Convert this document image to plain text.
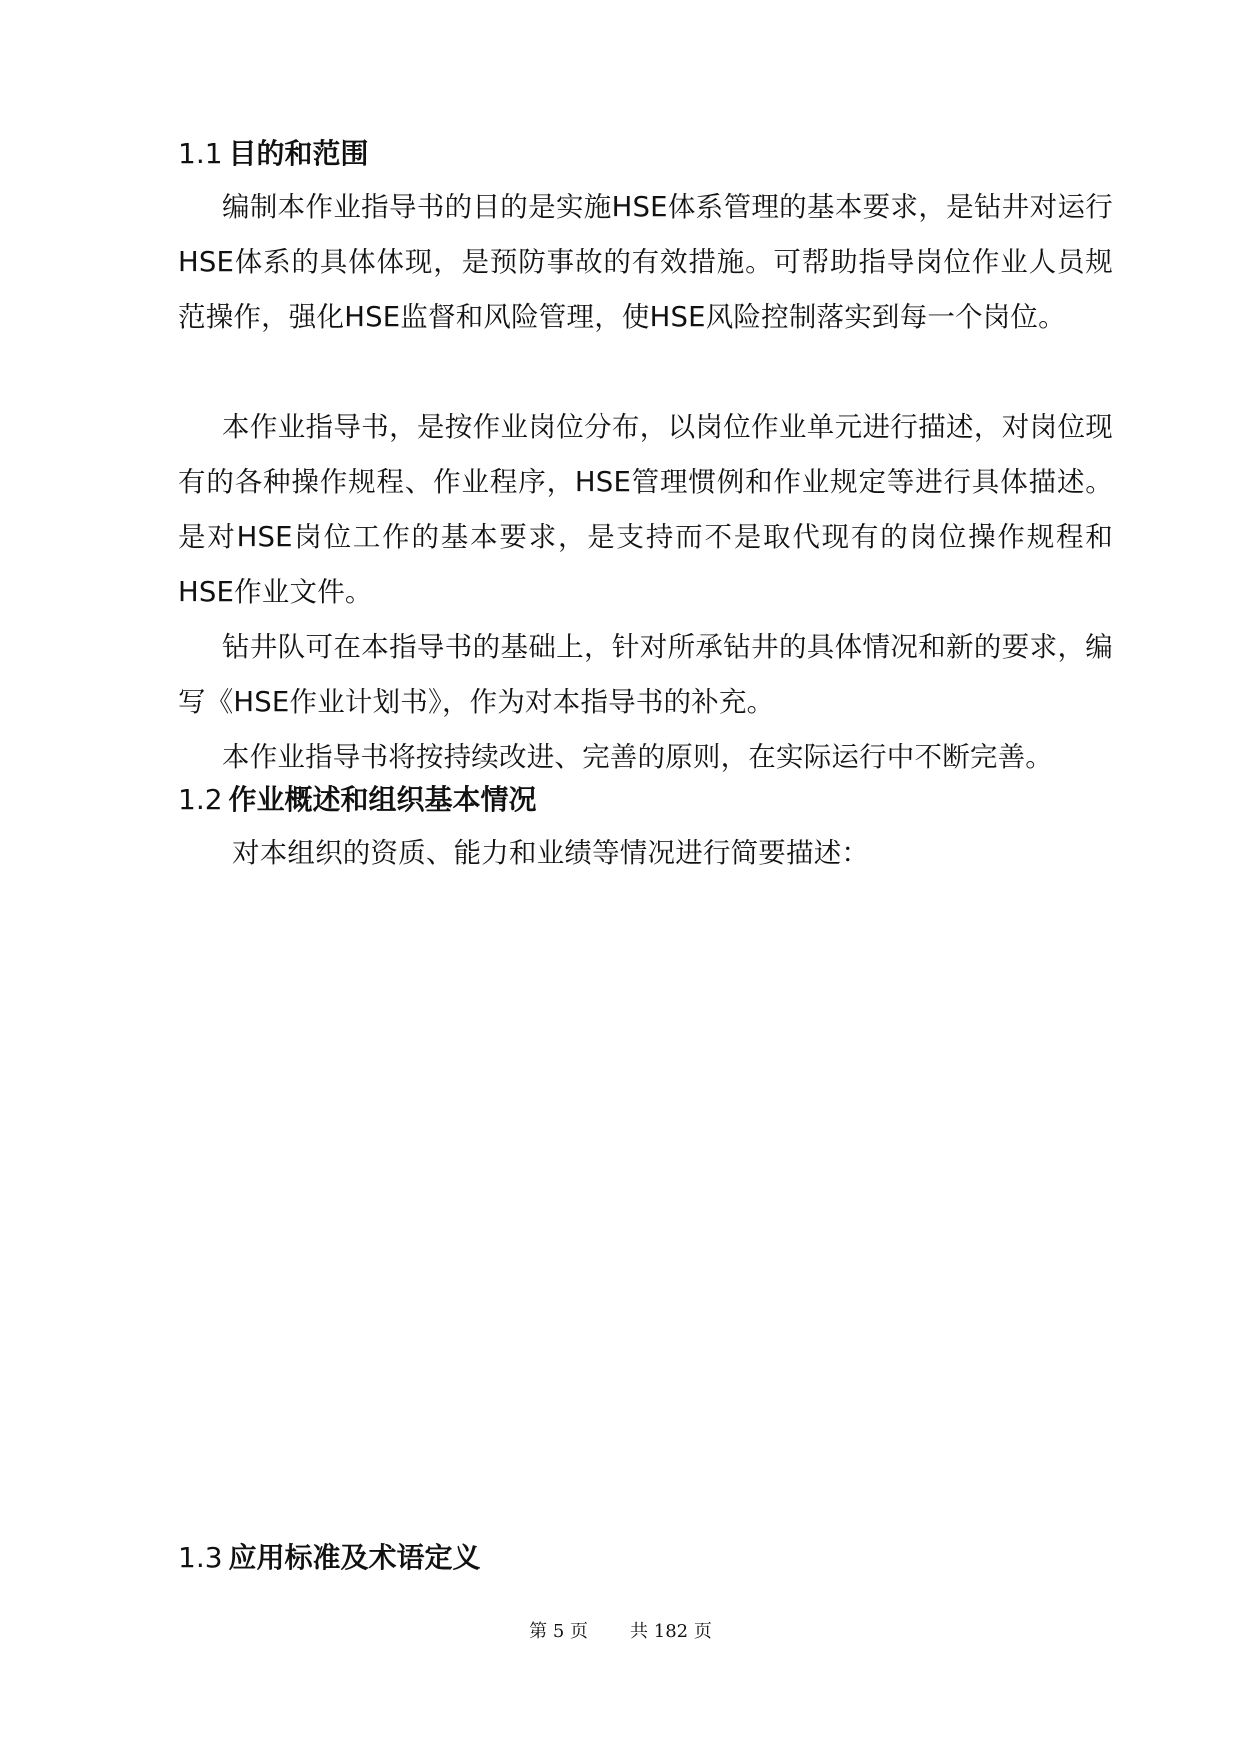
1.1 目的和范围
编制本作业指导书的目的是实施HSE体系管理的基本要求，是钻井对运行HSE体系的具体体现，是预防事故的有效措施。可帮助指导岗位作业人员规范操作，强化HSE监督和风险管理，使HSE风险控制落实到每一个岗位。
本作业指导书，是按作业岗位分布，以岗位作业单元进行描述，对岗位现有的各种操作规程、作业程序，HSE管理惯例和作业规定等进行具体描述。是对HSE岗位工作的基本要求，是支持而不是取代现有的岗位操作规程和HSE作业文件。
钻井队可在本指导书的基础上，针对所承钻井的具体情况和新的要求，编写《HSE作业计划书》，作为对本指导书的补充。
本作业指导书将按持续改进、完善的原则，在实际运行中不断完善。
1.2 作业概述和组织基本情况
对本组织的资质、能力和业绩等情况进行简要描述：
1.3 应用标准及术语定义
第 5 页 共 182 页
